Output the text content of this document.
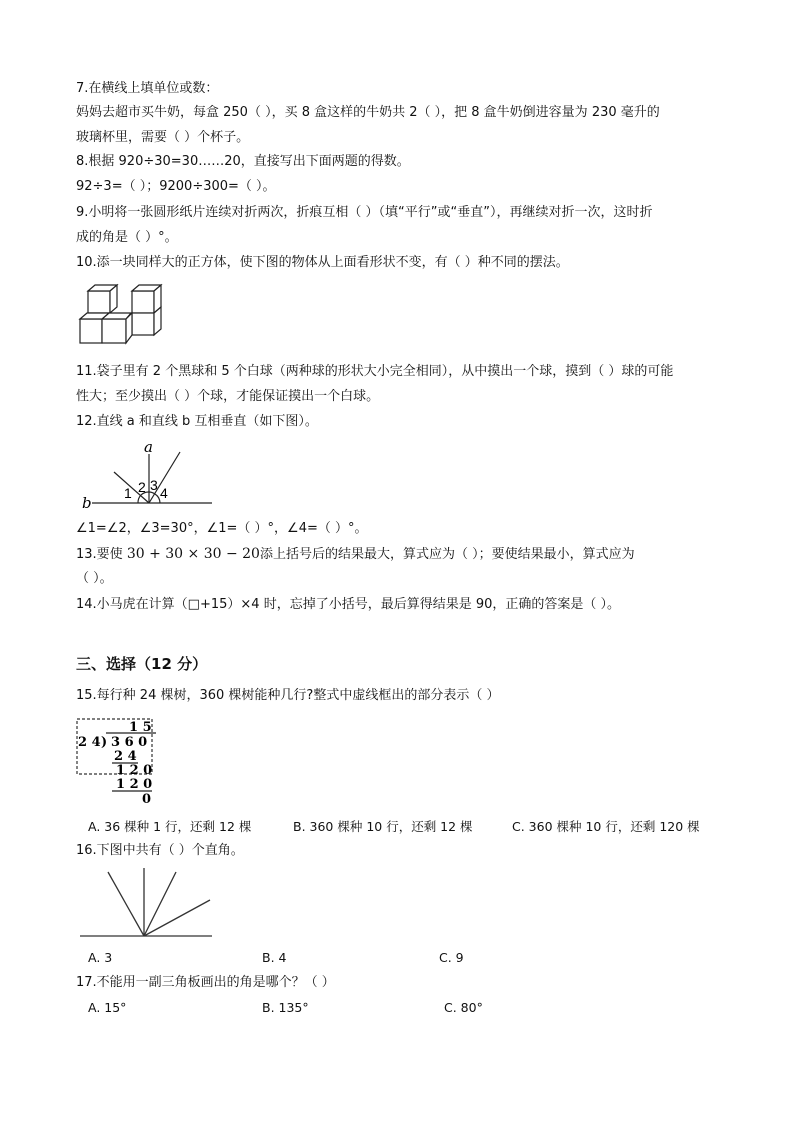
7.在横线上填单位或数：
妈妈去超市买牛奶，每盒 250（ ），买 8 盒这样的牛奶共 2（ ），把 8 盒牛奶倒进容量为 230 毫升的
玻璃杯里，需要（ ）个杯子。
8.根据 920÷30=30……20，直接写出下面两题的得数。
92÷3=（ ）；9200÷300=（ ）。
9.小明将一张圆形纸片连续对折两次，折痕互相（ ）（填“平行”或“垂直”），再继续对折一次，这时折
成的角是（ ）°。
10.添一块同样大的正方体，使下图的物体从上面看形状不变，有（ ）种不同的摆法。
11.袋子里有 2 个黑球和 5 个白球（两种球的形状大小完全相同），从中摸出一个球，摸到（ ）球的可能
性大；至少摸出（ ）个球，才能保证摸出一个白球。
12.直线 a 和直线 b 互相垂直（如下图）。
a
b
1 2 3 4
∠1=∠2，∠3=30°，∠1=（ ）°，∠4=（ ）°。
13.要使 30 + 30 × 30 − 20添上括号后的结果最大，算式应为（ ）；要使结果最小，算式应为
（ ）。
14.小马虎在计算（□+15）×4 时，忘掉了小括号，最后算得结果是 90，正确的答案是（ ）。
三、选择（12 分）
15.每行种 24 棵树，360 棵树能种几行?整式中虚线框出的部分表示（ ）
1 5
2 4 ) 3 6 0
2 4
1 2 0
1 2 0
0
A. 36 棵种 1 行，还剩 12 棵	B. 360 棵种 10 行，还剩 12 棵	C. 360 棵种 10 行，还剩 120 棵
16.下图中共有（ ）个直角。
A. 3	B. 4	C. 9
17.不能用一副三角板画出的角是哪个？（ ）
A. 15°	B. 135°	C. 80°
